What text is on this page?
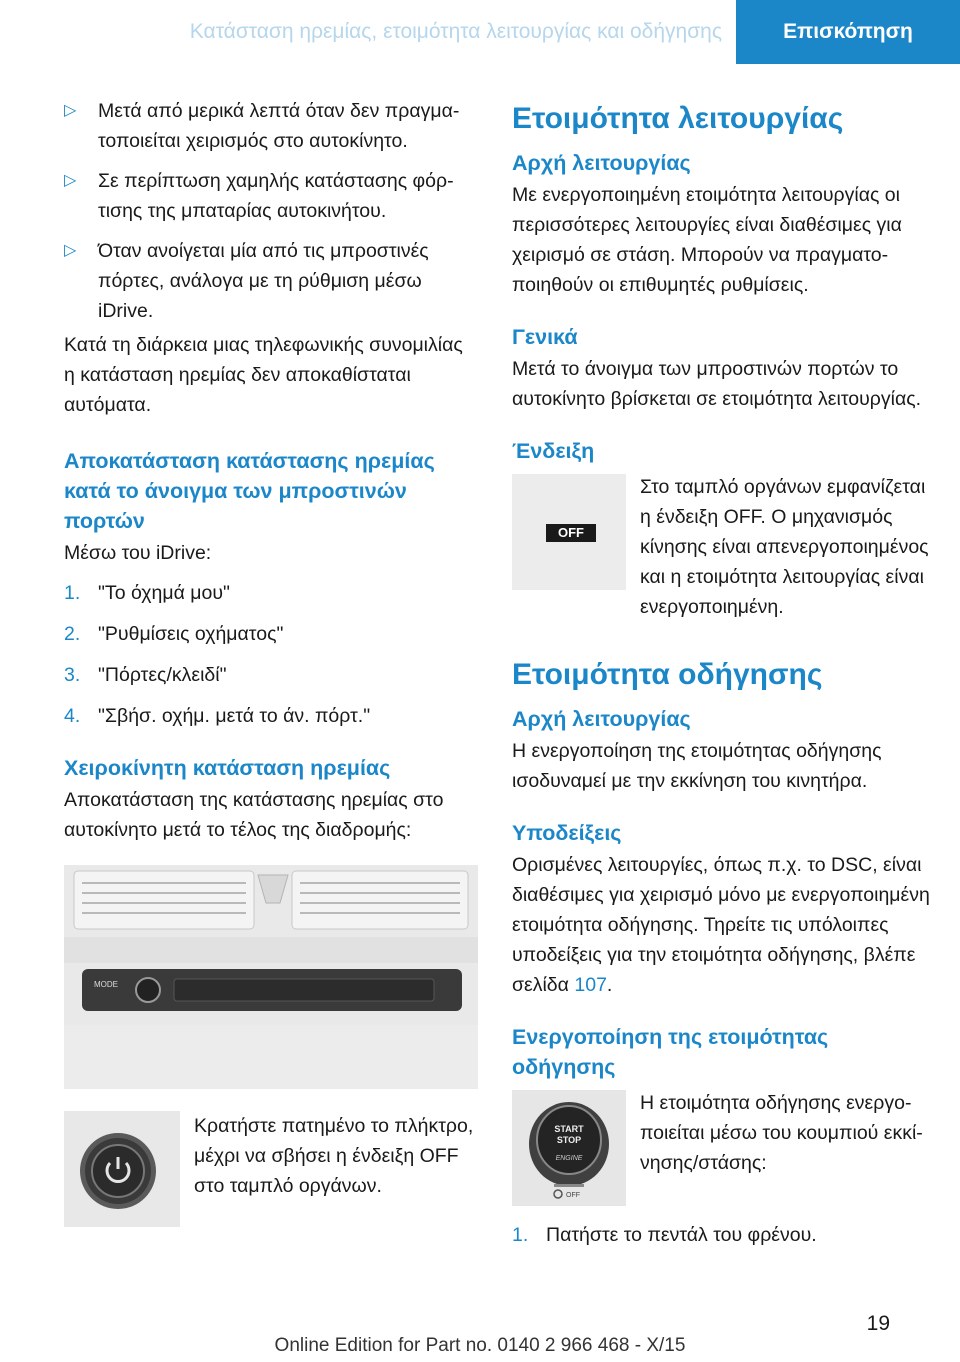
Κατάσταση ηρεμίας, ετοιμότητα λειτουργίας και οδήγησης	Επισκόπηση
▷	Μετά από μερικά λεπτά όταν δεν πραγματοποιείται χειρισμός στο αυτοκίνητο.
▷	Σε περίπτωση χαμηλής κατάστασης φόρτισης της μπαταρίας αυτοκινήτου.
▷	Όταν ανοίγεται μία από τις μπροστινές πόρτες, ανάλογα με τη ρύθμιση μέσω iDrive.

Κατά τη διάρκεια μιας τηλεφωνικής συνομιλίας η κατάσταση ηρεμίας δεν αποκαθίσταται αυτόματα.

Αποκατάσταση κατάστασης ηρεμίας κατά το άνοιγμα των μπροστινών πορτών

Μέσω του iDrive:

1. "Το όχημά μου"
2. "Ρυθμίσεις οχήματος"
3. "Πόρτες/κλειδί"
4. "Σβήσ. οχήμ. μετά το άν. πόρτ."
Χειροκίνητη κατάσταση ηρεμίας

Αποκατάσταση της κατάστασης ηρεμίας στο αυτοκίνητο μετά το τέλος της διαδρομής:

MODE

Κρατήστε πατημένο το πλήκτρο, μέχρι να σβήσει η ένδειξη OFF στο ταμπλό οργάνων.

Ετοιμότητα λειτουργίας
Αρχή λειτουργίας

Με ενεργοποιημένη ετοιμότητα λειτουργίας οι περισσότερες λειτουργίες είναι διαθέσιμες για χειρισμό σε στάση. Μπορούν να πραγματοποιηθούν οι επιθυμητές ρυθμίσεις.

Γενικά

Μετά το άνοιγμα των μπροστινών πορτών το αυτοκίνητο βρίσκεται σε ετοιμότητα λειτουργίας.

Ένδειξη
OFF

Στο ταμπλό οργάνων εμφανίζεται η ένδειξη OFF. Ο μηχανισμός κίνησης είναι απενεργοποιημένος και η ετοιμότητα λειτουργίας είναι ενεργοποιημένη.

Ετοιμότητα οδήγησης
Αρχή λειτουργίας

Η ενεργοποίηση της ετοιμότητας οδήγησης ισοδυναμεί με την εκκίνηση του κινητήρα.

Υποδείξεις

Ορισμένες λειτουργίες, όπως π.χ. το DSC, είναι διαθέσιμες για χειρισμό μόνο με ενεργοποιημένη ετοιμότητα οδήγησης. Τηρείτε τις υπόλοιπες υποδείξεις για την ετοιμότητα οδήγησης, βλέπε σελίδα 107.

Ενεργοποίηση της ετοιμότητας οδήγησης
START
STOP
ENGINE
OFF

Η ετοιμότητα οδήγησης ενεργοποιείται μέσω του κουμπιού εκκίνησης/στάσης:

1. Πατήστε το πεντάλ του φρένου.
19
Online Edition for Part no. 0140 2 966 468 - X/15
